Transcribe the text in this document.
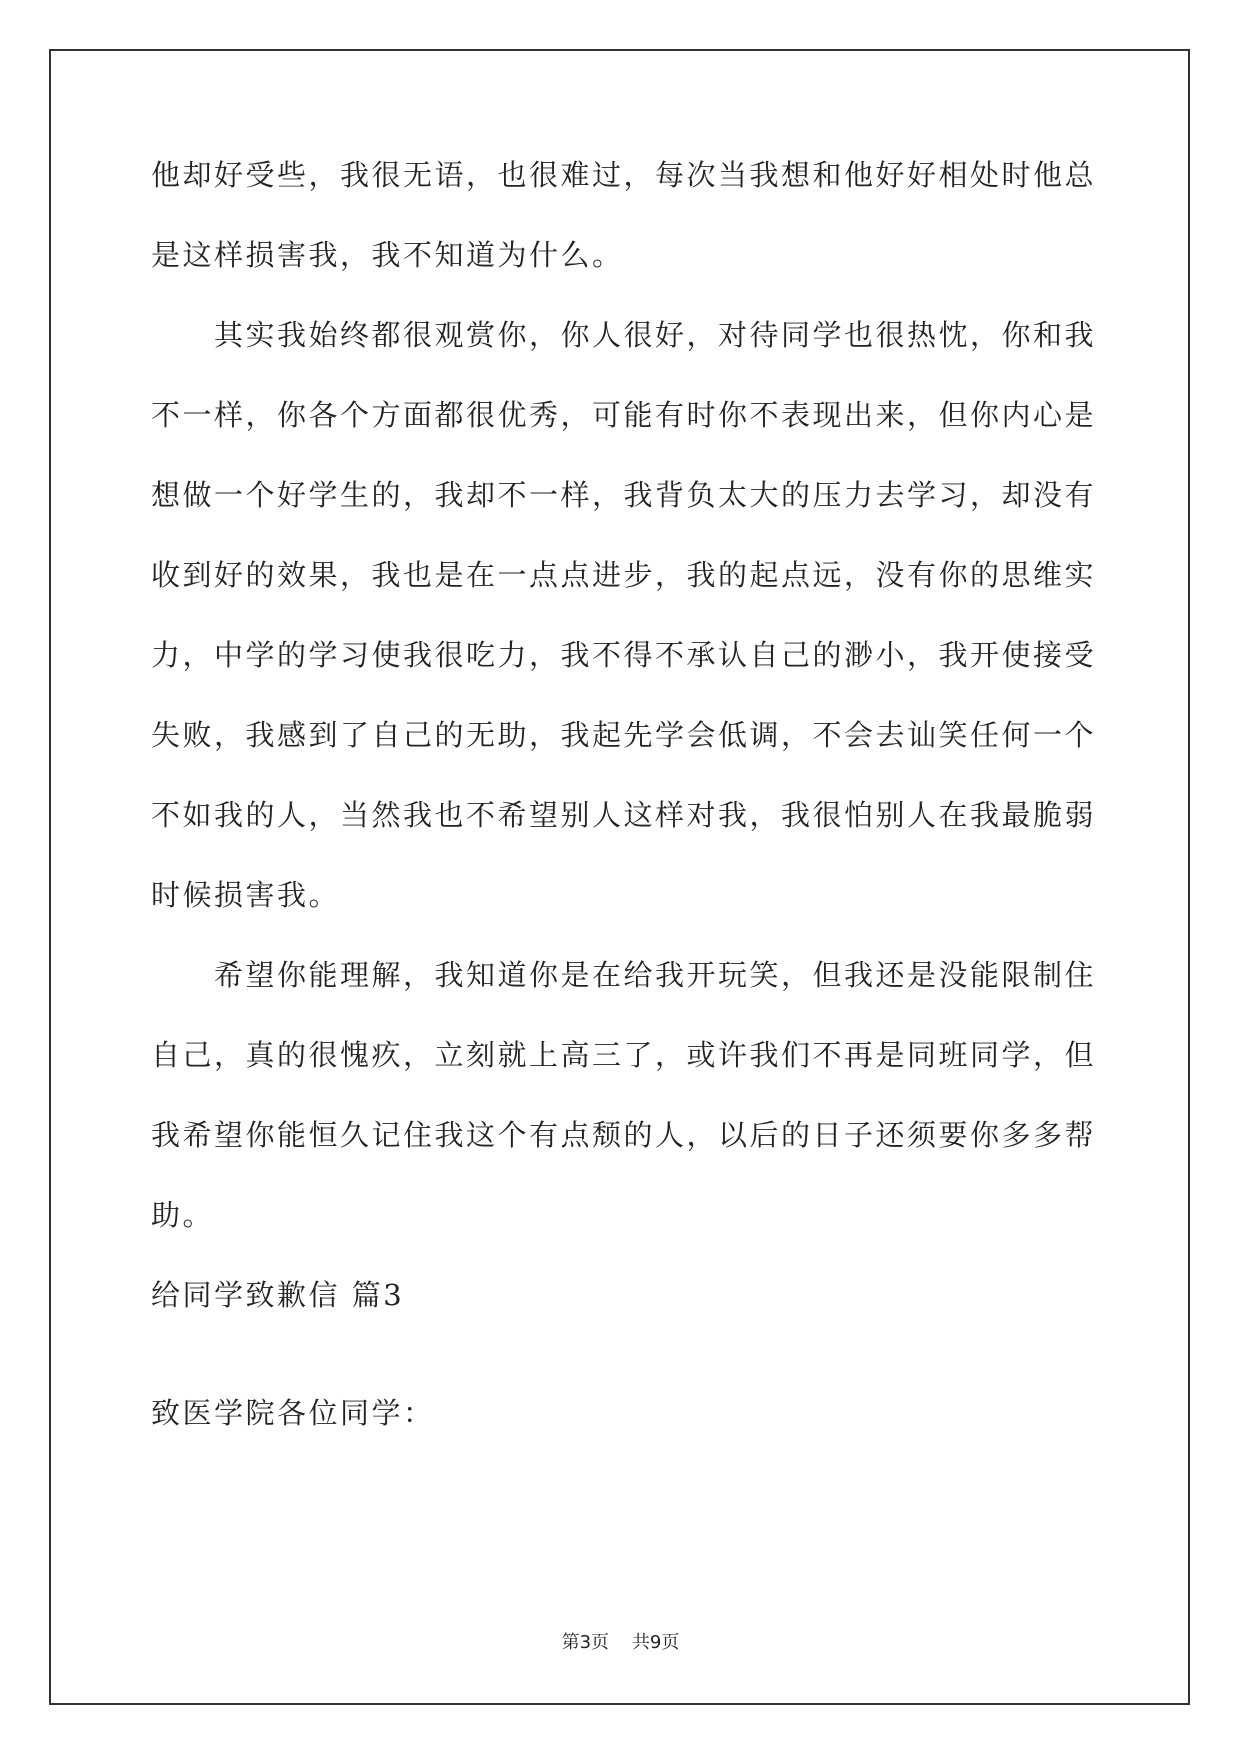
他却好受些，我很无语，也很难过，每次当我想和他好好相处时他总
是这样损害我，我不知道为什么。
　　其实我始终都很观赏你，你人很好，对待同学也很热忱，你和我
不一样，你各个方面都很优秀，可能有时你不表现出来，但你内心是
想做一个好学生的，我却不一样，我背负太大的压力去学习，却没有
收到好的效果，我也是在一点点进步，我的起点远，没有你的思维实
力，中学的学习使我很吃力，我不得不承认自己的渺小，我开使接受
失败，我感到了自己的无助，我起先学会低调，不会去讪笑任何一个
不如我的人，当然我也不希望别人这样对我，我很怕别人在我最脆弱
时候损害我。
　　希望你能理解，我知道你是在给我开玩笑，但我还是没能限制住
自己，真的很愧疚，立刻就上高三了，或许我们不再是同班同学，但
我希望你能恒久记住我这个有点颓的人，以后的日子还须要你多多帮
助。
给同学致歉信 篇3
致医学院各位同学：
第3页 共9页
